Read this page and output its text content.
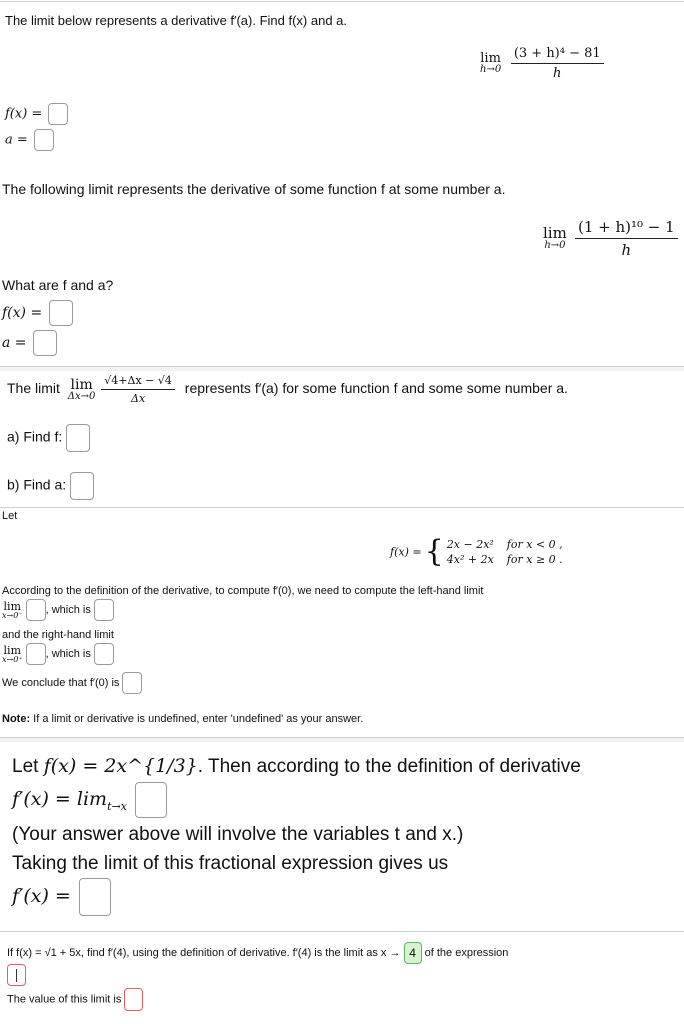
The limit below represents a derivative f′(a). Find f(x) and a.
lim
h→0
$\frac{\text{(3 + h)⁴ − 81}}{h}$
f(x) =
a =
The following limit represents the derivative of some function f at some number a.
lim
h→0
$\frac{\text{(1 + h)¹⁰ − 1}}{h}$
What are f and a?
f(x) =
a =
The limit lim
Δx→0
$\frac{√4+\Delta x - √4}{\Delta x}$ represents f′(a) for some function f and some some number a.
a) Find f:
b) Find a:
Let
f(x) = { 2x − 2x² for x < 0 ,
4x² + 2x for x ≥ 0 .
According to the definition of the derivative, to compute f′(0), we need to compute the left-hand limit
lim
x→0⁻ , which is
and the right-hand limit
lim
x→0⁺ , which is
We conclude that f′(0) is
Note: If a limit or derivative is undefined, enter 'undefined' as your answer.
Let f(x) = 2x^{1/3}. Then according to the definition of derivative
$f'(x) = \lim_{t\to x}$
(Your answer above will involve the variables t and x.)
Taking the limit of this fractional expression gives us
f′(x) =
If f(x) = √1 + 5x, find f′(4), using the definition of derivative. f′(4) is the limit as x → 4 of the expression
The value of this limit is
